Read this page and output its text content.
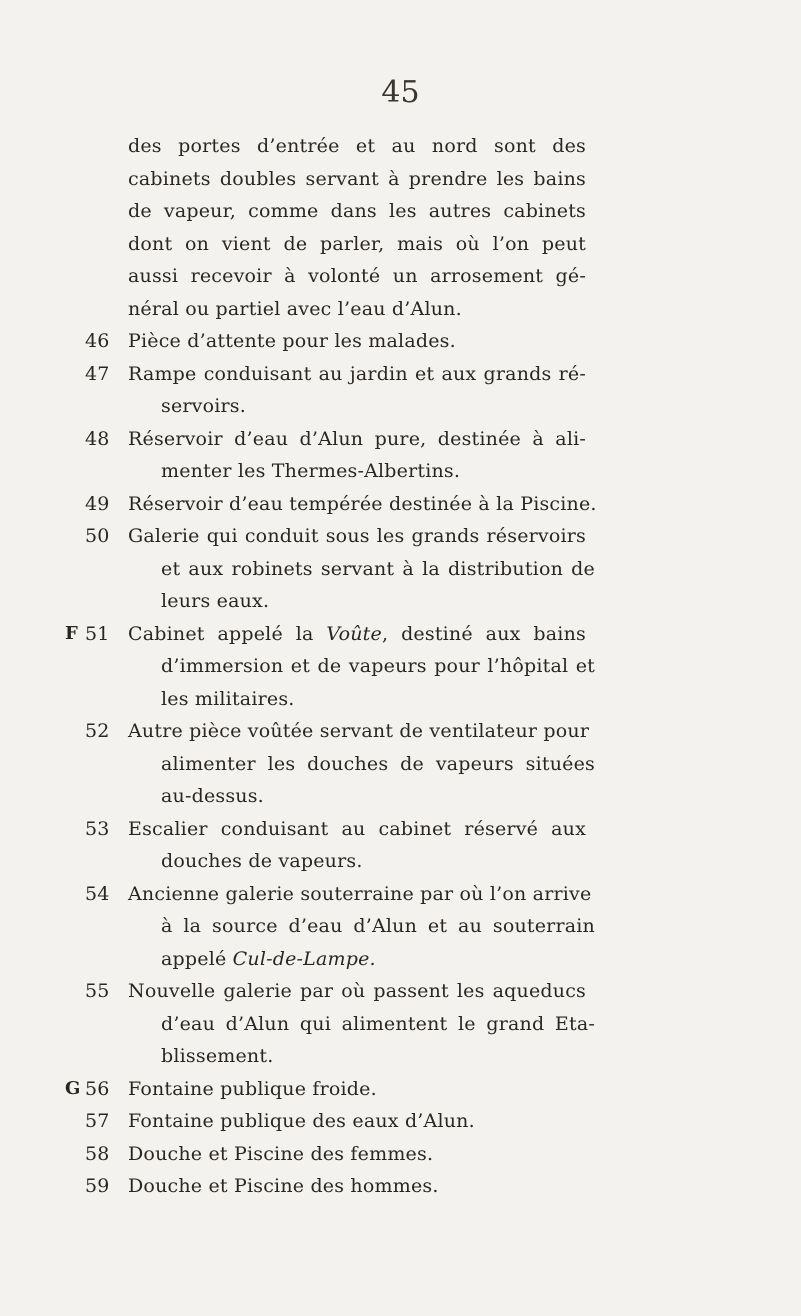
45
des portes d’entrée et au nord sont des
cabinets doubles servant à prendre les bains
de vapeur, comme dans les autres cabinets
dont on vient de parler, mais où l’on peut
aussi recevoir à volonté un arrosement gé-
néral ou partiel avec l’eau d’Alun.
46 Pièce d’attente pour les malades.
47 Rampe conduisant au jardin et aux grands ré-
servoirs.
48 Réservoir d’eau d’Alun pure, destinée à ali-
menter les Thermes-Albertins.
49 Réservoir d’eau tempérée destinée à la Piscine.
50 Galerie qui conduit sous les grands réservoirs
et aux robinets servant à la distribution de
leurs eaux.
F 51 Cabinet appelé la Voûte, destiné aux bains
d’immersion et de vapeurs pour l’hôpital et
les militaires.
52 Autre pièce voûtée servant de ventilateur pour
alimenter les douches de vapeurs situées
au-dessus.
53 Escalier conduisant au cabinet réservé aux
douches de vapeurs.
54 Ancienne galerie souterraine par où l’on arrive
à la source d’eau d’Alun et au souterrain
appelé Cul-de-Lampe.
55 Nouvelle galerie par où passent les aqueducs
d’eau d’Alun qui alimentent le grand Eta-
blissement.
G 56 Fontaine publique froide.
57 Fontaine publique des eaux d’Alun.
58 Douche et Piscine des femmes.
59 Douche et Piscine des hommes.
